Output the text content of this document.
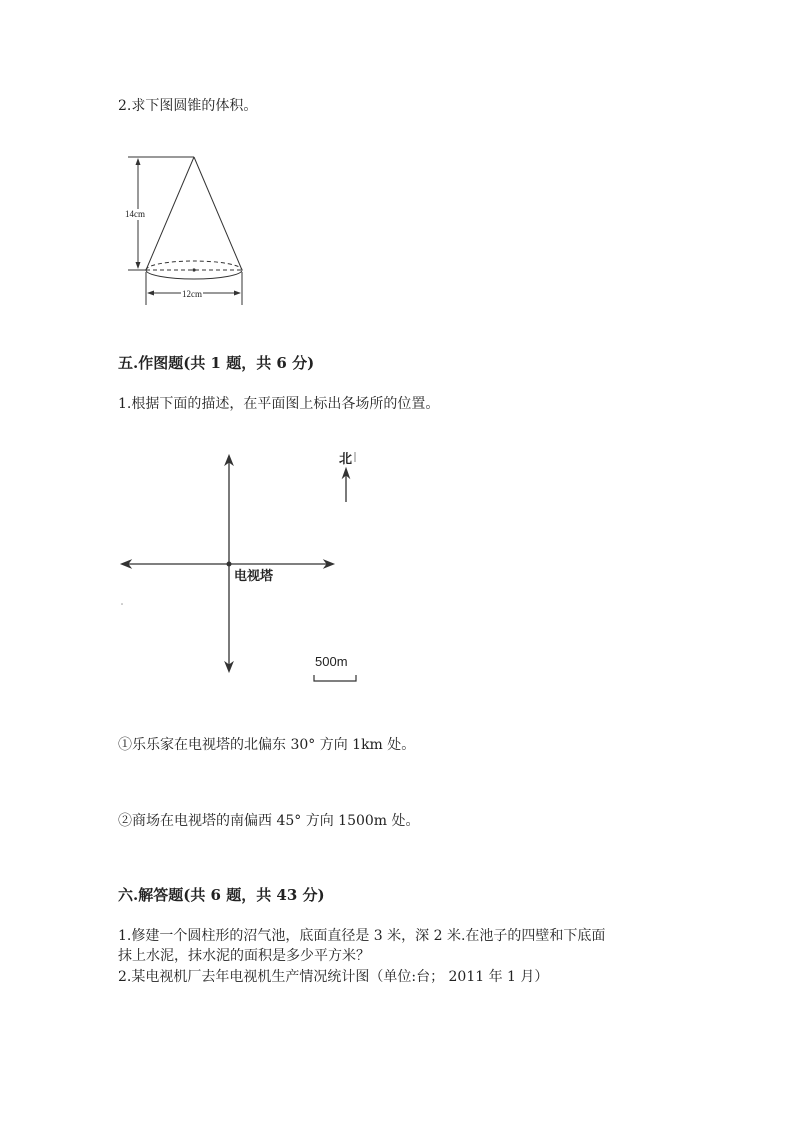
2.求下图圆锥的体积。
14cm
12cm
五.作图题(共 1 题，共 6 分)
1.根据下面的描述，在平面图上标出各场所的位置。
北
电视塔
500m
①乐乐家在电视塔的北偏东 30° 方向 1km 处。
②商场在电视塔的南偏西 45° 方向 1500m 处。
六.解答题(共 6 题，共 43 分)
1.修建一个圆柱形的沼气池，底面直径是 3 米，深 2 米.在池子的四壁和下底面
抹上水泥，抹水泥的面积是多少平方米？
2.某电视机厂去年电视机生产情况统计图（单位:台； 2011 年 1 月）
